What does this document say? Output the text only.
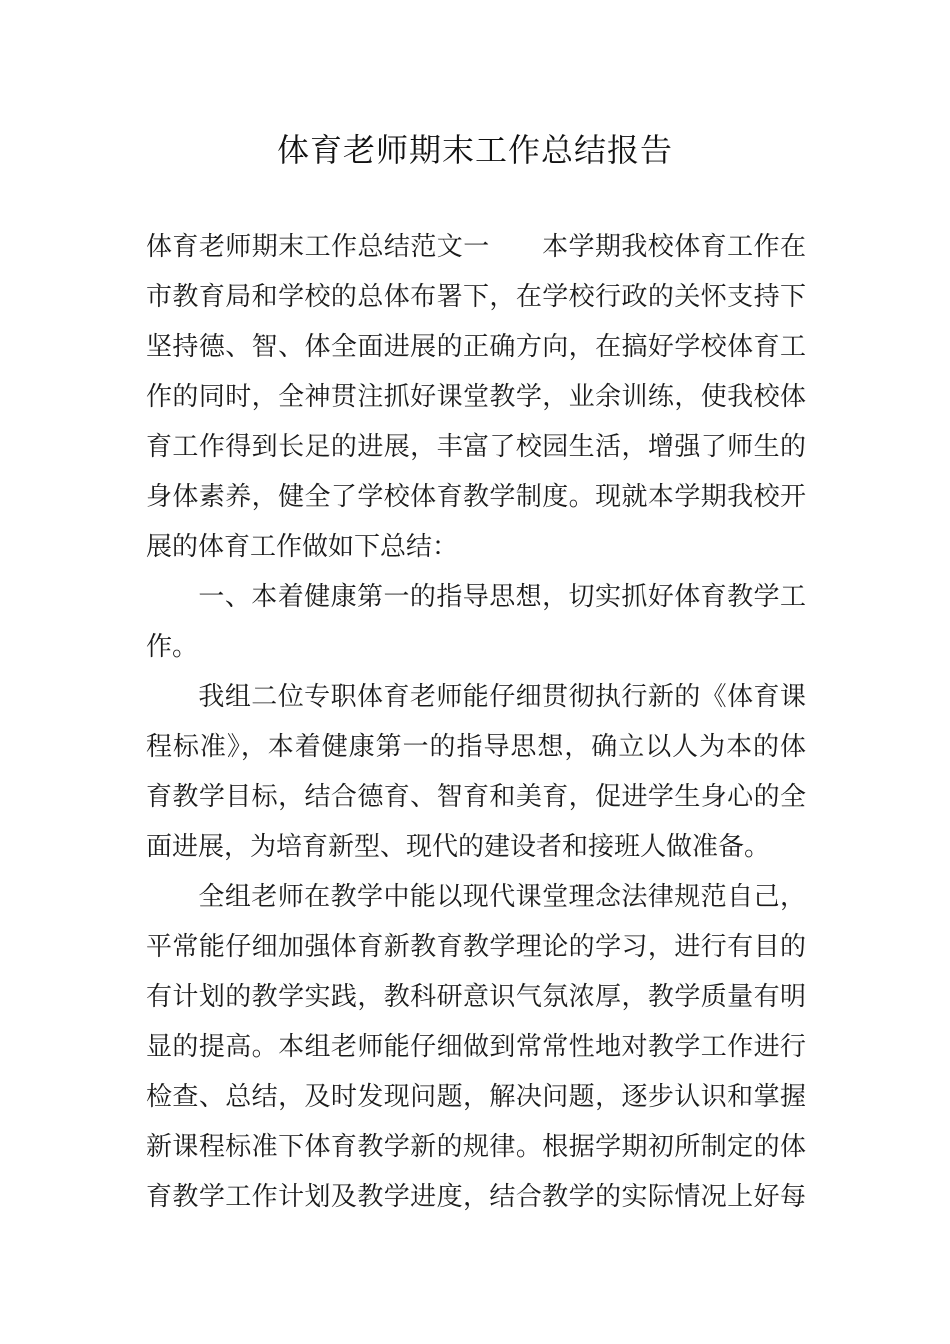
体育老师期末工作总结报告
体育老师期末工作总结范文一 本学期我校体育工作在
市教育局和学校的总体布署下，在学校行政的关怀支持下
坚持德、智、体全面进展的正确方向，在搞好学校体育工
作的同时，全神贯注抓好课堂教学，业余训练，使我校体
育工作得到长足的进展，丰富了校园生活，增强了师生的
身体素养，健全了学校体育教学制度。现就本学期我校开
展的体育工作做如下总结：
一、本着健康第一的指导思想，切实抓好体育教学工
作。
我组二位专职体育老师能仔细贯彻执行新的《体育课
程标准》，本着健康第一的指导思想，确立以人为本的体
育教学目标，结合德育、智育和美育，促进学生身心的全
面进展，为培育新型、现代的建设者和接班人做准备。
全组老师在教学中能以现代课堂理念法律规范自己，
平常能仔细加强体育新教育教学理论的学习，进行有目的
有计划的教学实践，教科研意识气氛浓厚，教学质量有明
显的提高。本组老师能仔细做到常常性地对教学工作进行
检查、总结，及时发现问题，解决问题，逐步认识和掌握
新课程标准下体育教学新的规律。根据学期初所制定的体
育教学工作计划及教学进度，结合教学的实际情况上好每
